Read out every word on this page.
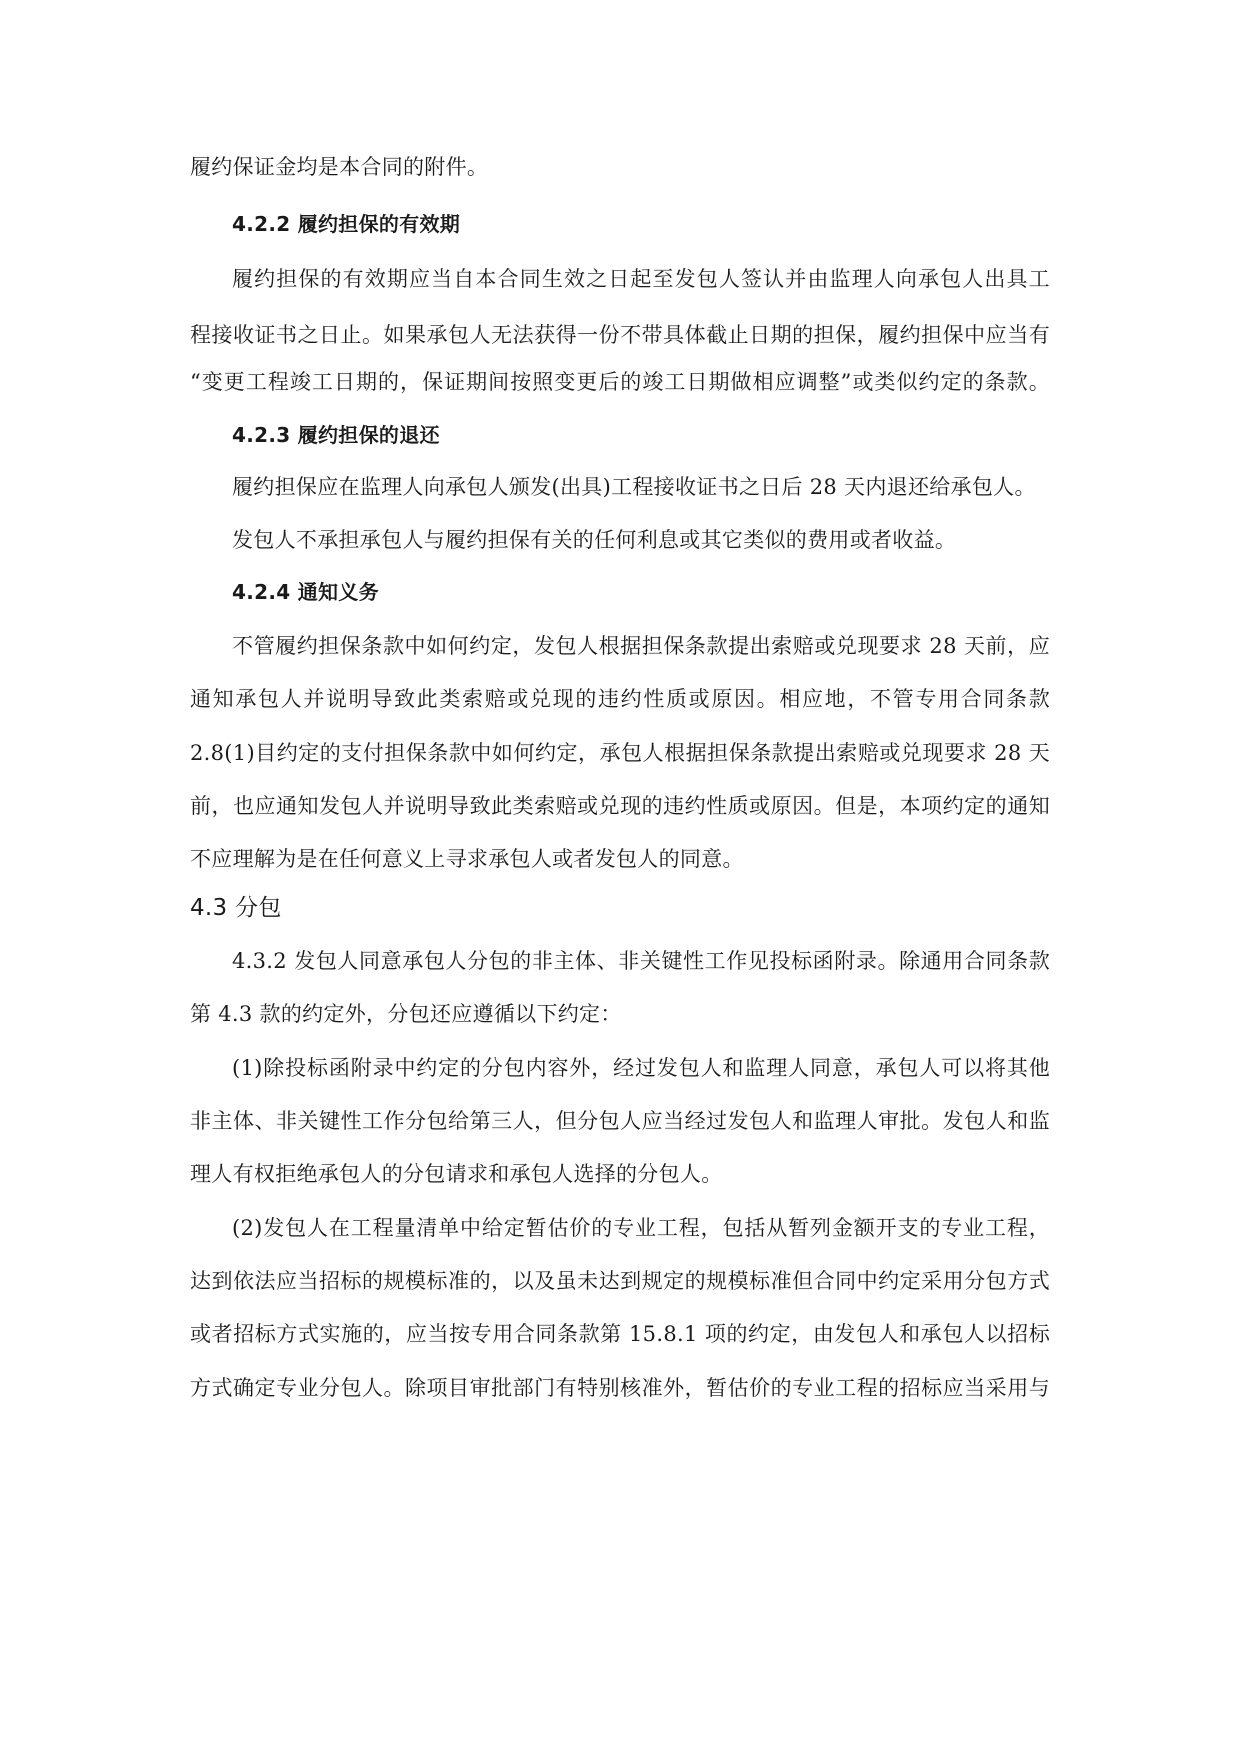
履约保证金均是本合同的附件。
4.2.2 履约担保的有效期
履约担保的有效期应当自本合同生效之日起至发包人签认并由监理人向承包人出具工
程接收证书之日止。如果承包人无法获得一份不带具体截止日期的担保，履约担保中应当有
“变更工程竣工日期的，保证期间按照变更后的竣工日期做相应调整”或类似约定的条款。
4.2.3 履约担保的退还
履约担保应在监理人向承包人颁发(出具)工程接收证书之日后 28 天内退还给承包人。
发包人不承担承包人与履约担保有关的任何利息或其它类似的费用或者收益。
4.2.4 通知义务
不管履约担保条款中如何约定，发包人根据担保条款提出索赔或兑现要求 28 天前，应
通知承包人并说明导致此类索赔或兑现的违约性质或原因。相应地，不管专用合同条款
2.8(1)目约定的支付担保条款中如何约定，承包人根据担保条款提出索赔或兑现要求 28 天
前，也应通知发包人并说明导致此类索赔或兑现的违约性质或原因。但是，本项约定的通知
不应理解为是在任何意义上寻求承包人或者发包人的同意。
4.3 分包
4.3.2 发包人同意承包人分包的非主体、非关键性工作见投标函附录。除通用合同条款
第 4.3 款的约定外，分包还应遵循以下约定：
(1)除投标函附录中约定的分包内容外，经过发包人和监理人同意，承包人可以将其他
非主体、非关键性工作分包给第三人，但分包人应当经过发包人和监理人审批。发包人和监
理人有权拒绝承包人的分包请求和承包人选择的分包人。
(2)发包人在工程量清单中给定暂估价的专业工程，包括从暂列金额开支的专业工程，
达到依法应当招标的规模标准的，以及虽未达到规定的规模标准但合同中约定采用分包方式
或者招标方式实施的，应当按专用合同条款第 15.8.1 项的约定，由发包人和承包人以招标
方式确定专业分包人。除项目审批部门有特别核准外，暂估价的专业工程的招标应当采用与
